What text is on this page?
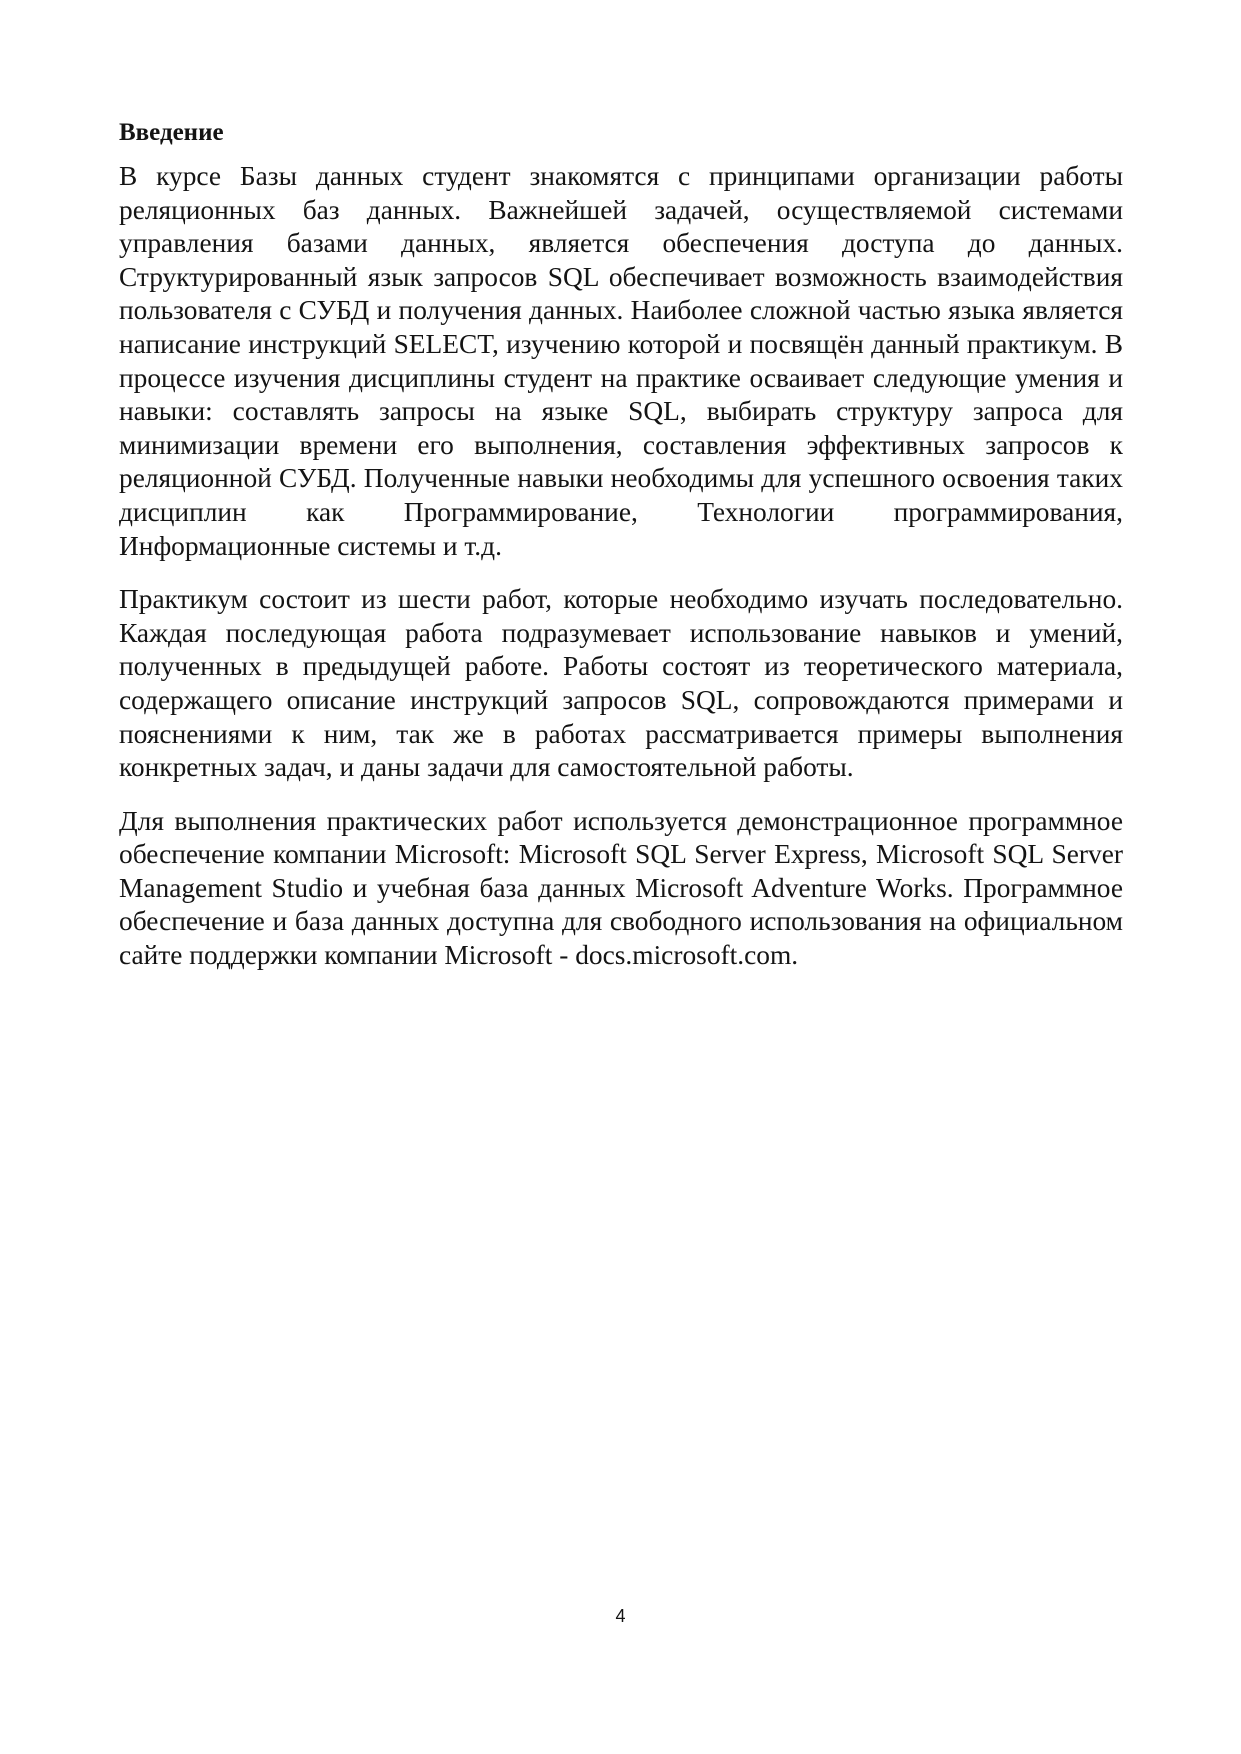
Введение

В курсе Базы данных студент знакомятся с принципами организации работы реляционных баз данных. Важнейшей задачей, осуществляемой системами управления базами данных, является обеспечения доступа до данных. Структурированный язык запросов SQL обеспечивает возможность взаимодействия пользователя с СУБД и получения данных. Наиболее сложной частью языка является написание инструкций SELECT, изучению которой и посвящён данный практикум. В процессе изучения дисциплины студент на практике осваивает следующие умения и навыки: составлять запросы на языке SQL, выбирать структуру запроса для минимизации времени его выполнения, составления эффективных запросов к реляционной СУБД. Полученные навыки необходимы для успешного освоения таких дисциплин как Программирование, Технологии программирования, Информационные системы и т.д.

Практикум состоит из шести работ, которые необходимо изучать последовательно. Каждая последующая работа подразумевает использование навыков и умений, полученных в предыдущей работе. Работы состоят из теоретического материала, содержащего описание инструкций запросов SQL, сопровождаются примерами и пояснениями к ним, так же в работах рассматривается примеры выполнения конкретных задач, и даны задачи для самостоятельной работы.

Для выполнения практических работ используется демонстрационное программное обеспечение компании Microsoft: Microsoft SQL Server Express, Microsoft SQL Server Management Studio и учебная база данных Microsoft Adventure Works. Программное обеспечение и база данных доступна для свободного использования на официальном сайте поддержки компании Microsoft - docs.microsoft.com.

4
